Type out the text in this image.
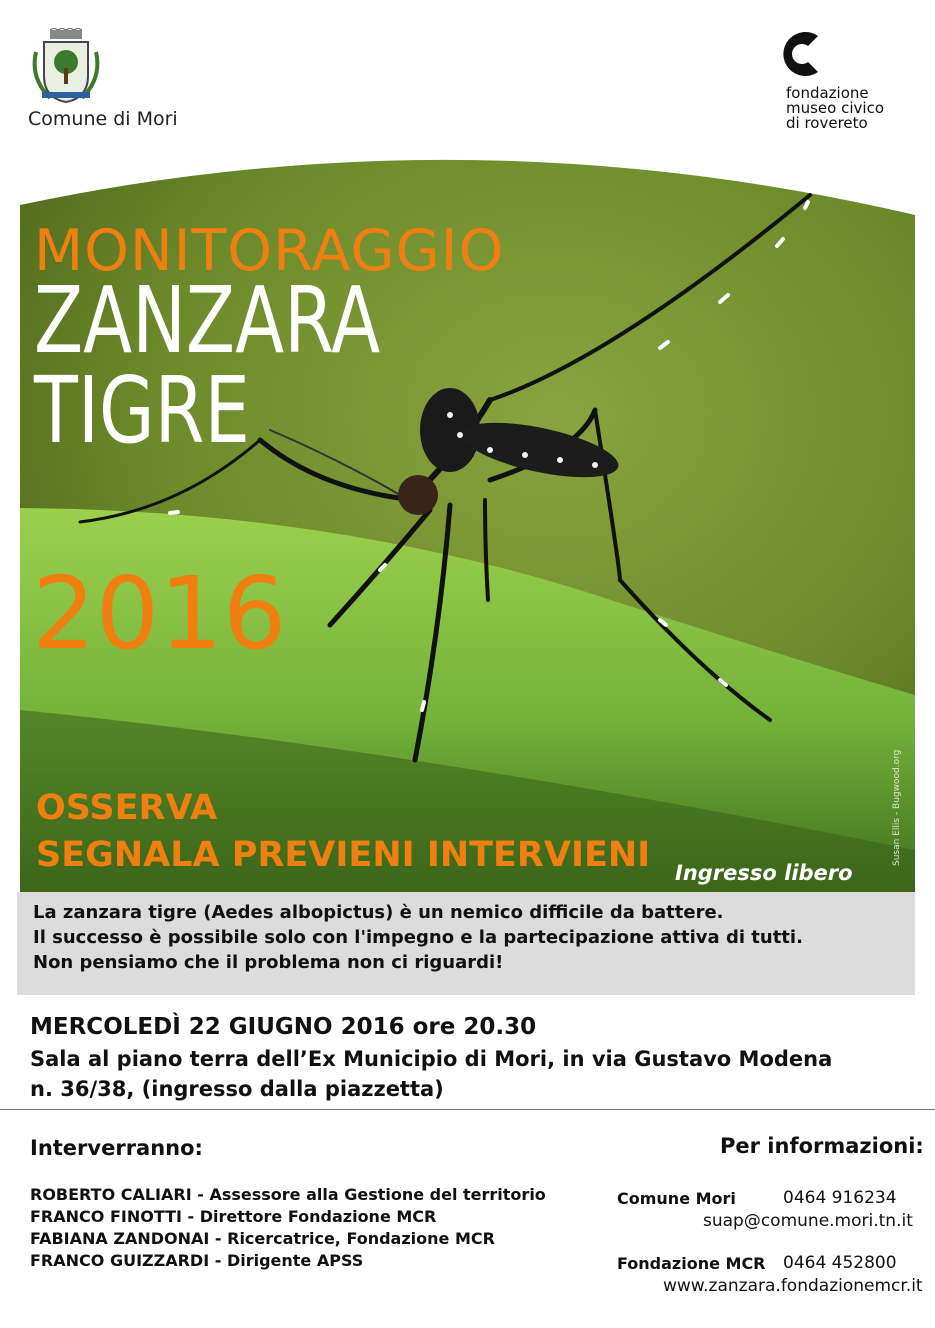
Comune di Mori
fondazione
museo civico
di rovereto
MONITORAGGIO
ZANZARA
TIGRE
2016
OSSERVA
SEGNALA PREVIENI INTERVIENI Ingresso libero
Susan Ellis - Bugwood.org
La zanzara tigre (Aedes albopictus) è un nemico difficile da battere.
Il successo è possibile solo con l'impegno e la partecipazione attiva di tutti.
Non pensiamo che il problema non ci riguardi!
MERCOLEDÌ 22 GIUGNO 2016 ore 20.30
Sala al piano terra dell’Ex Municipio di Mori, in via Gustavo Modena
n. 36/38, (ingresso dalla piazzetta)
Interverranno:
ROBERTO CALIARI - Assessore alla Gestione del territorio
FRANCO FINOTTI - Direttore Fondazione MCR
FABIANA ZANDONAI - Ricercatrice, Fondazione MCR
FRANCO GUIZZARDI - Dirigente APSS
Per informazioni:
Comune Mori	0464 916234
suap@comune.mori.tn.it
Fondazione MCR 0464 452800
www.zanzara.fondazionemcr.it
